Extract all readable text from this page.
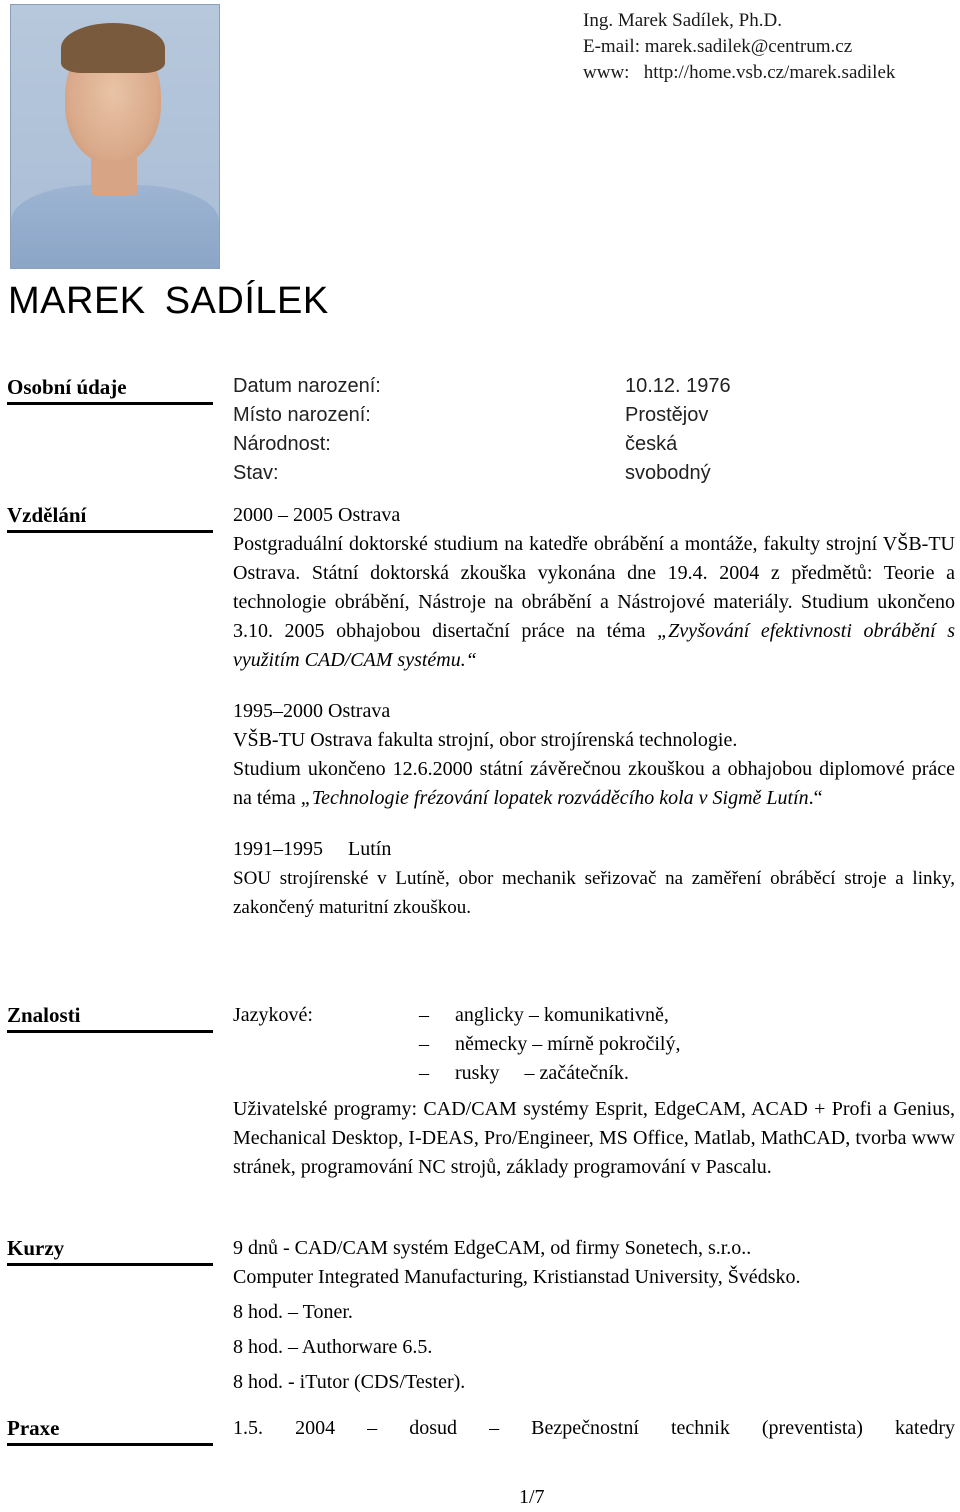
Ing. Marek Sadílek, Ph.D.
E-mail: marek.sadilek@centrum.cz
www:   http://home.vsb.cz/marek.sadilek
MAREK SADÍLEK
Osobní údaje
Vzdělání
Znalosti
Kurzy
Praxe
Datum narození:	10.12. 1976
Místo narození:	Prostějov
Národnost:	česká
Stav:	svobodný
2000 – 2005 Ostrava
Postgraduální doktorské studium na katedře obrábění a montáže, fakulty strojní VŠB-TU Ostrava. Státní doktorská zkouška vykonána dne 19.4. 2004 z předmětů: Teorie a technologie obrábění, Nástroje na obrábění a Nástrojové materiály. Studium ukončeno 3.10. 2005 obhajobou disertační práce na téma „Zvyšování efektivnosti obrábění s využitím CAD/CAM systému.“
1995–2000 Ostrava
VŠB-TU Ostrava fakulta strojní, obor strojírenská technologie.
Studium ukončeno 12.6.2000 státní závěrečnou zkouškou a obhajobou diplomové práce na téma „Technologie frézování lopatek rozváděcího kola v Sigmě Lutín.“
1991–1995     Lutín
SOU strojírenské v Lutíně, obor mechanik seřizovač na zaměření obráběcí stroje a linky, zakončený maturitní zkouškou.
Jazykové:	–	anglicky – komunikativně,
–	německy – mírně pokročilý,
–	rusky     – začátečník.
Uživatelské programy: CAD/CAM systémy Esprit, EdgeCAM, ACAD + Profi a Genius, Mechanical Desktop, I-DEAS, Pro/Engineer, MS Office, Matlab, MathCAD, tvorba www stránek, programování NC strojů, základy programování v Pascalu.
9 dnů - CAD/CAM systém EdgeCAM, od firmy Sonetech, s.r.o..
Computer Integrated Manufacturing, Kristianstad University, Švédsko.
8 hod. – Toner.
8 hod. – Authorware 6.5.
8 hod. - iTutor (CDS/Tester).
1.5. 2004 – dosud – Bezpečnostní technik (preventista) katedry
1/7
